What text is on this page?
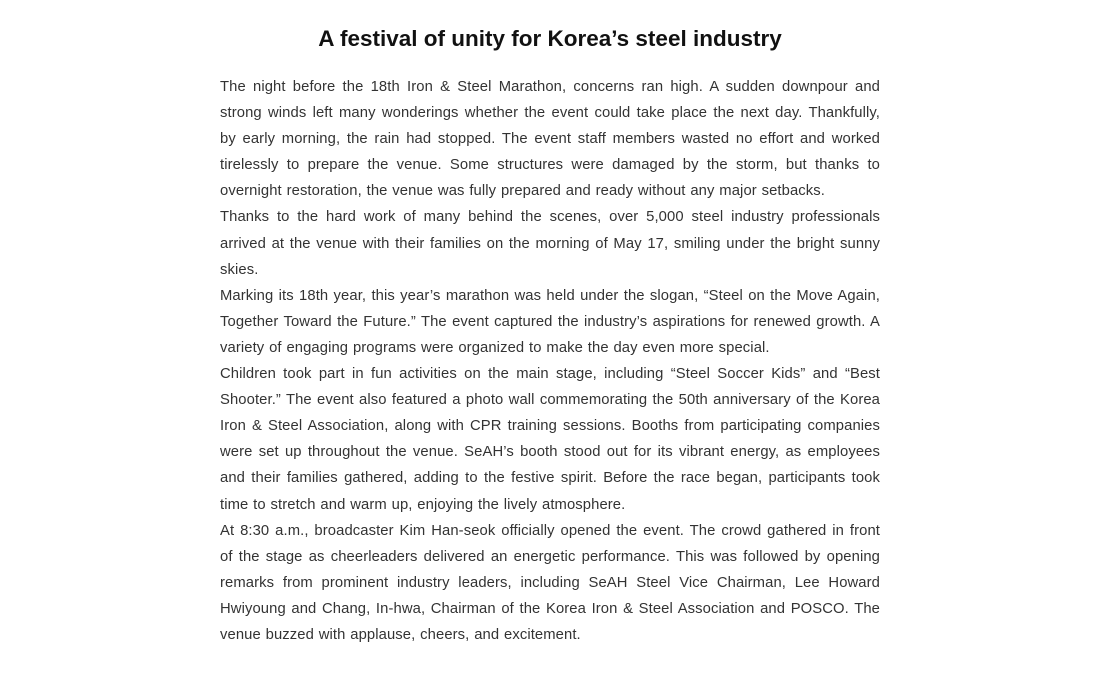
A festival of unity for Korea’s steel industry

The night before the 18th Iron & Steel Marathon, concerns ran high. A sudden downpour and strong winds left many wonderings whether the event could take place the next day. Thankfully, by early morning, the rain had stopped. The event staff members wasted no effort and worked tirelessly to prepare the venue. Some structures were damaged by the storm, but thanks to overnight restoration, the venue was fully prepared and ready without any major setbacks.

Thanks to the hard work of many behind the scenes, over 5,000 steel industry professionals arrived at the venue with their families on the morning of May 17, smiling under the bright sunny skies.

Marking its 18th year, this year’s marathon was held under the slogan, “Steel on the Move Again, Together Toward the Future.” The event captured the industry’s aspirations for renewed growth. A variety of engaging programs were organized to make the day even more special.

Children took part in fun activities on the main stage, including “Steel Soccer Kids” and “Best Shooter.” The event also featured a photo wall commemorating the 50th anniversary of the Korea Iron & Steel Association, along with CPR training sessions. Booths from participating companies were set up throughout the venue. SeAH’s booth stood out for its vibrant energy, as employees and their families gathered, adding to the festive spirit. Before the race began, participants took time to stretch and warm up, enjoying the lively atmosphere.

At 8:30 a.m., broadcaster Kim Han-seok officially opened the event. The crowd gathered in front of the stage as cheerleaders delivered an energetic performance. This was followed by opening remarks from prominent industry leaders, including SeAH Steel Vice Chairman, Lee Howard Hwiyoung and Chang, In-hwa, Chairman of the Korea Iron & Steel Association and POSCO. The venue buzzed with applause, cheers, and excitement.
